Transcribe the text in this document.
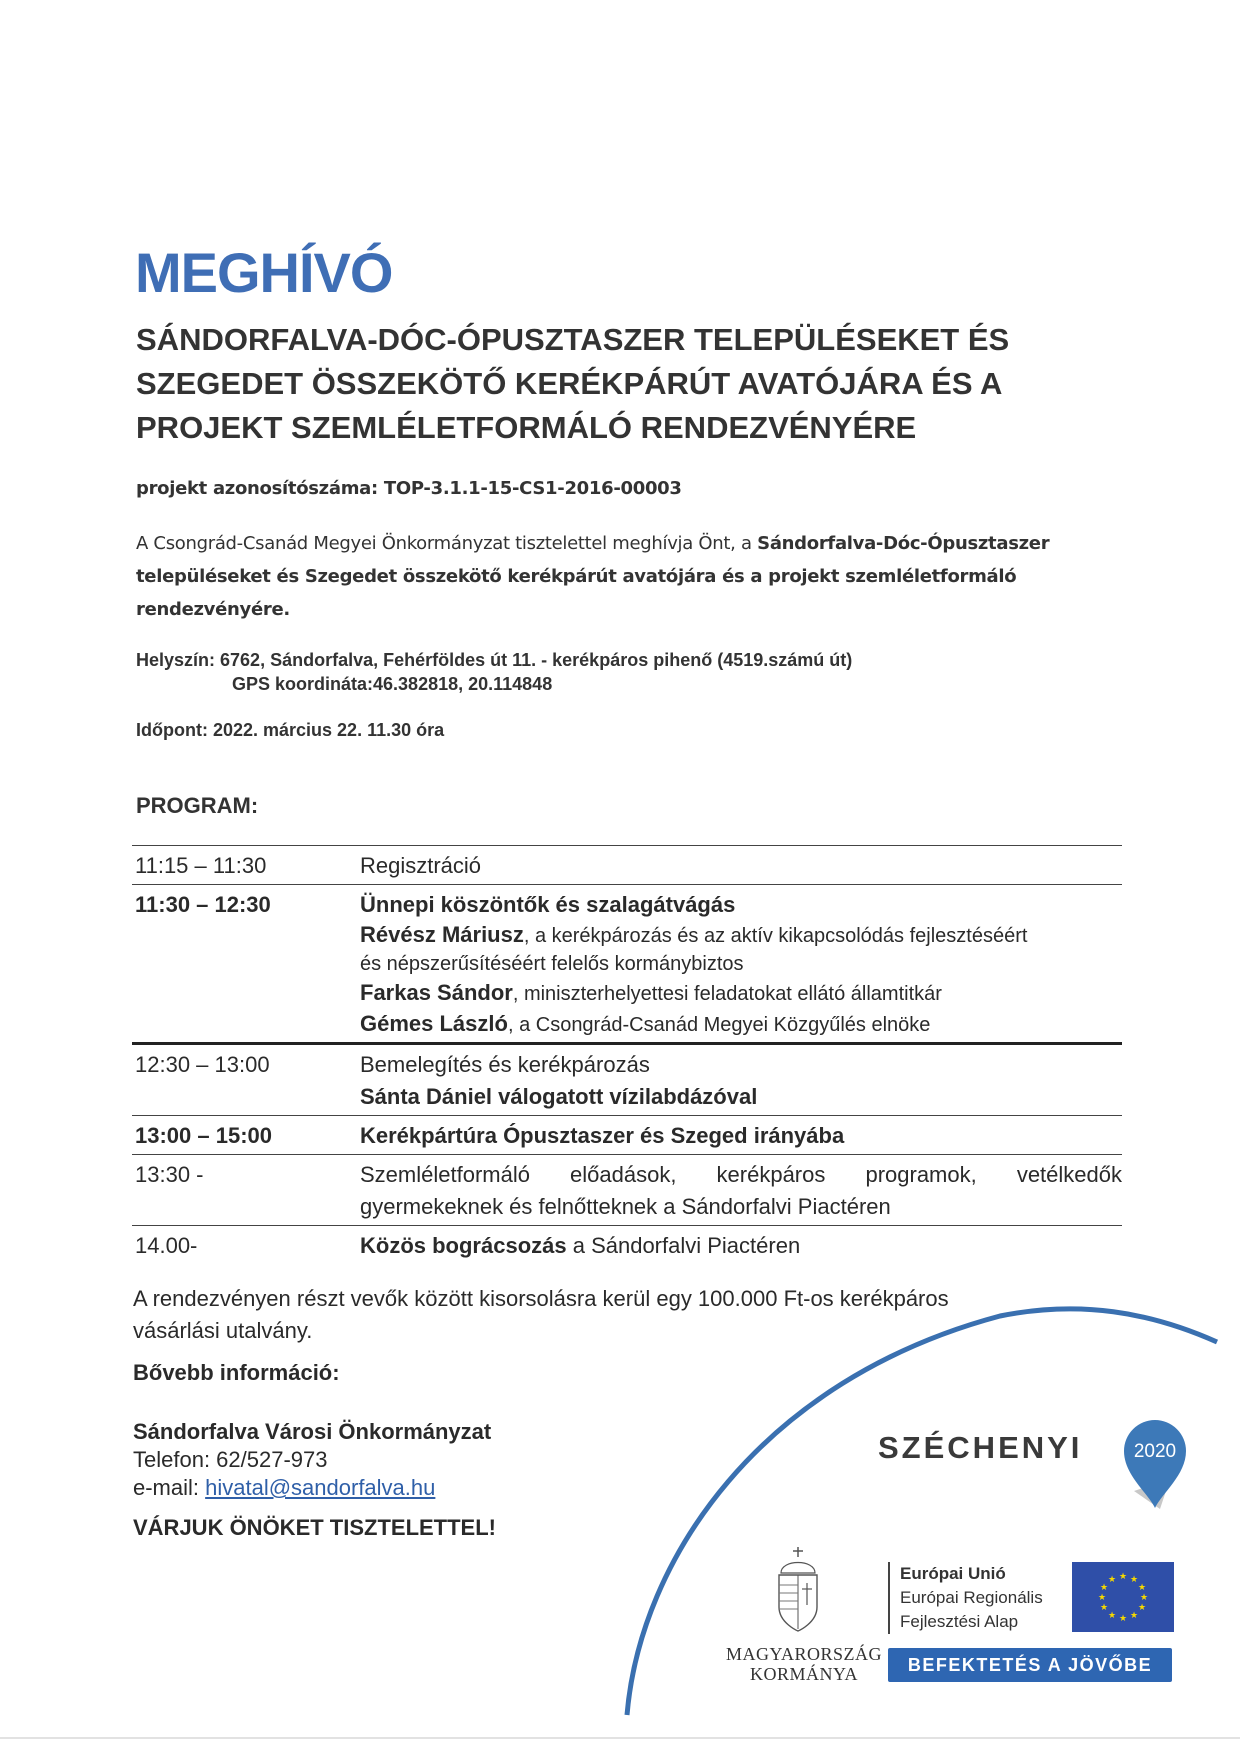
MEGHÍVÓ
SÁNDORFALVA-DÓC-ÓPUSZTASZER TELEPÜLÉSEKET ÉS
SZEGEDET ÖSSZEKÖTŐ KERÉKPÁRÚT AVATÓJÁRA ÉS A
PROJEKT SZEMLÉLETFORMÁLÓ RENDEZVÉNYÉRE
projekt azonosítószáma: TOP-3.1.1-15-CS1-2016-00003
A Csongrád-Csanád Megyei Önkormányzat tisztelettel meghívja Önt, a Sándorfalva-Dóc-Ópusztaszer településeket és Szegedet összekötő kerékpárút avatójára és a projekt szemléletformáló rendezvényére.
Helyszín: 6762, Sándorfalva, Fehérföldes út 11. - kerékpáros pihenő (4519.számú út)
GPS koordináta:46.382818, 20.114848
Időpont: 2022. március 22. 11.30 óra
PROGRAM:
11:15 – 11:30	Regisztráció
11:30 – 12:30	Ünnepi köszöntők és szalagátvágás
Révész Máriusz, a kerékpározás és az aktív kikapcsolódás fejlesztéséért
és népszerűsítéséért felelős kormánybiztos
Farkas Sándor, miniszterhelyettesi feladatokat ellátó államtitkár
Gémes László, a Csongrád-Csanád Megyei Közgyűlés elnöke
12:30 – 13:00	Bemelegítés és kerékpározás
Sánta Dániel válogatott vízilabdázóval
13:00 – 15:00	Kerékpártúra Ópusztaszer és Szeged irányába
13:30 -	Szemléletformáló előadások, kerékpáros programok, vetélkedők
gyermekeknek és felnőtteknek a Sándorfalvi Piactéren
14.00-	Közös bográcsozás a Sándorfalvi Piactéren
A rendezvényen részt vevők között kisorsolásra kerül egy 100.000 Ft-os kerékpáros vásárlási utalvány.
Bővebb információ:
Sándorfalva Városi Önkormányzat
Telefon: 62/527-973
e-mail: hivatal@sandorfalva.hu
VÁRJUK ÖNÖKET TISZTELETTEL!
SZÉCHENYI	2020
MAGYARORSZÁG
KORMÁNYA
Európai Unió
Európai Regionális
Fejlesztési Alap
★ ★
★
★
★
★
★
★
★
★
★
★
BEFEKTETÉS A JÖVŐBE
